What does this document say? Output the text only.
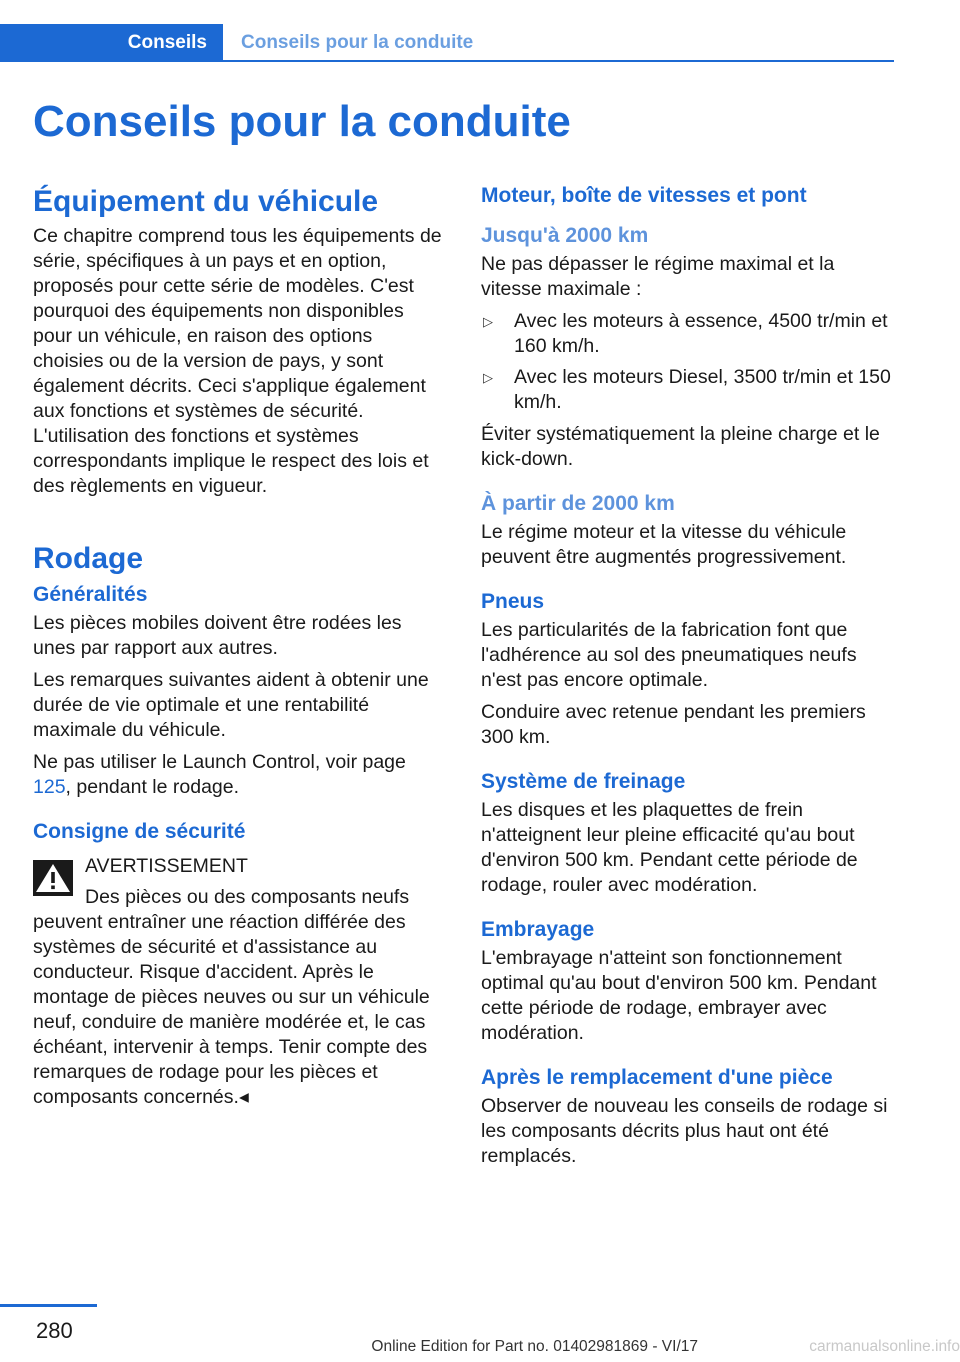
Conseils	Conseils pour la conduite
Conseils pour la conduite
Équipement du véhicule

Ce chapitre comprend tous les équipements de série, spécifiques à un pays et en option, proposés pour cette série de modèles. C'est pourquoi des équipements non disponibles pour un véhicule, en raison des options choisies ou de la version de pays, y sont également décrits. Ceci s'applique également aux fonctions et systèmes de sécurité. L'utilisation des fonctions et systèmes correspondants implique le respect des lois et des règlements en vigueur.

Rodage
Généralités

Les pièces mobiles doivent être rodées les unes par rapport aux autres.

Les remarques suivantes aident à obtenir une durée de vie optimale et une rentabilité maximale du véhicule.

Ne pas utiliser le Launch Control, voir page 125, pendant le rodage.

Consigne de sécurité
AVERTISSEMENT

Des pièces ou des composants neufs peuvent entraîner une réaction différée des systèmes de sécurité et d'assistance au conducteur. Risque d'accident. Après le montage de pièces neuves ou sur un véhicule neuf, conduire de manière modérée et, le cas échéant, intervenir à temps. Tenir compte des remarques de rodage pour les pièces et composants concernés.◂

Moteur, boîte de vitesses et pont
Jusqu'à 2000 km

Ne pas dépasser le régime maximal et la vitesse maximale :

▷ Avec les moteurs à essence, 4500 tr/min et 160 km/h.
▷ Avec les moteurs Diesel, 3500 tr/min et 150 km/h.

Éviter systématiquement la pleine charge et le kick-down.

À partir de 2000 km

Le régime moteur et la vitesse du véhicule peuvent être augmentés progressivement.

Pneus

Les particularités de la fabrication font que l'adhérence au sol des pneumatiques neufs n'est pas encore optimale.

Conduire avec retenue pendant les premiers 300 km.

Système de freinage

Les disques et les plaquettes de frein n'atteignent leur pleine efficacité qu'au bout d'environ 500 km. Pendant cette période de rodage, rouler avec modération.

Embrayage

L'embrayage n'atteint son fonctionnement optimal qu'au bout d'environ 500 km. Pendant cette période de rodage, embrayer avec modération.

Après le remplacement d'une pièce

Observer de nouveau les conseils de rodage si les composants décrits plus haut ont été remplacés.

280
Online Edition for Part no. 01402981869 - VI/17	carmanualsonline.info
